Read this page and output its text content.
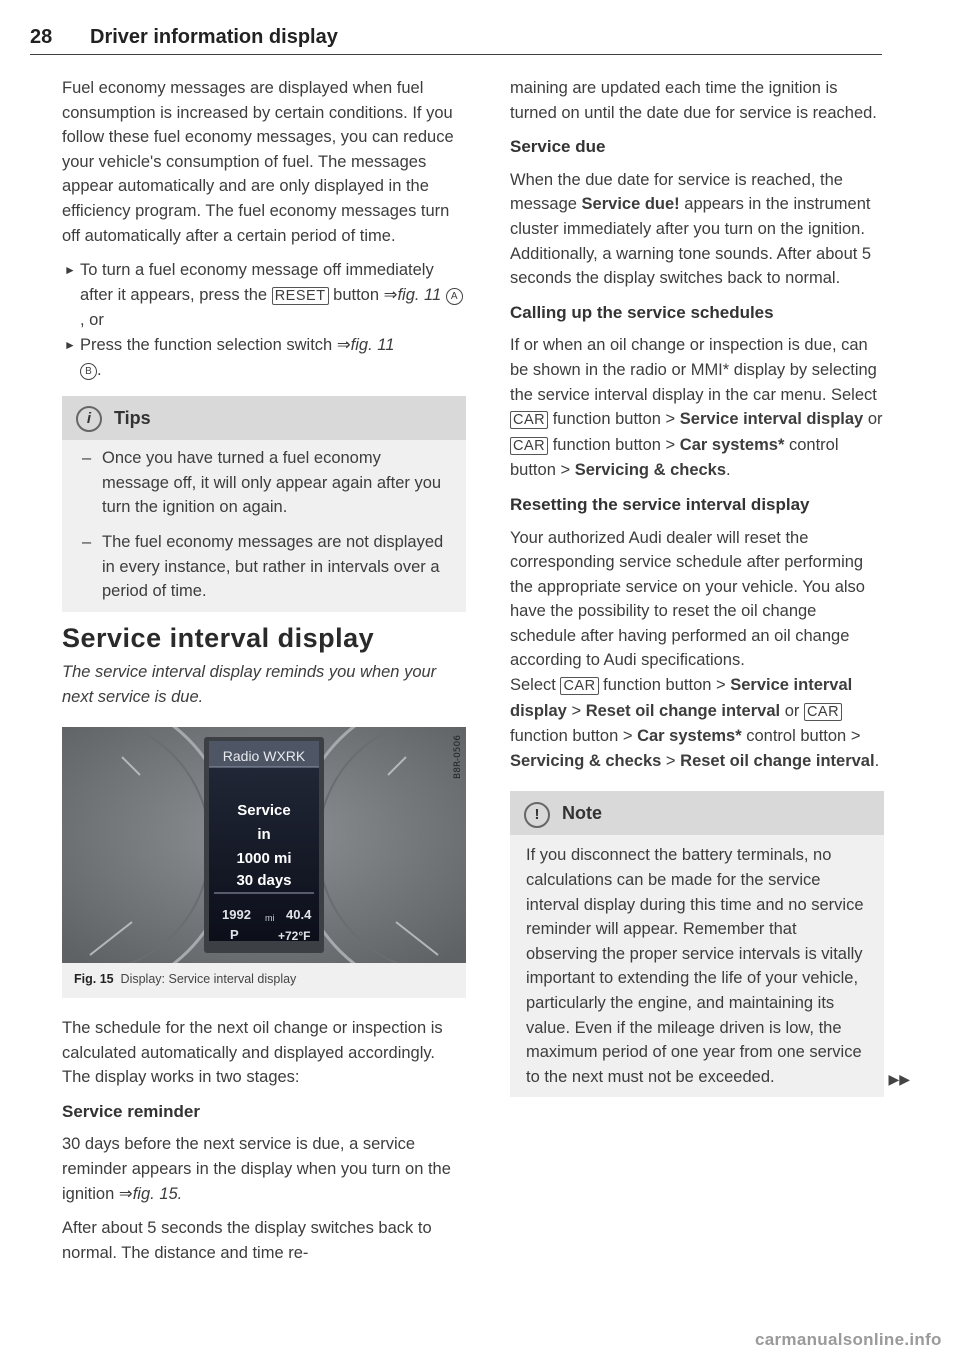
28 Driver information display

Fuel economy messages are displayed when fuel consumption is increased by certain conditions. If you follow these fuel economy messages, you can reduce your vehicle's consumption of fuel. The messages appear automatically and are only displayed in the efficiency program. The fuel economy messages turn off automatically after a certain period of time.

► To turn a fuel economy message off immediately after it appears, press the RESET button ⇒fig. 11 A, or
► Press the function selection switch ⇒fig. 11
B .
i Tips
– Once you have turned a fuel economy message off, it will only appear again after you turn the ignition on again.
– The fuel economy messages are not displayed in every instance, but rather in intervals over a period of time.
Service interval display

The service interval display reminds you when your next service is due.

B8R-0506
Radio WXRK
Service
in
1000 mi
30 days
1992 mi 40.4
P	+72°F
Fig. 15 Display: Service interval display

The schedule for the next oil change or inspection is calculated automatically and displayed accordingly. The display works in two stages:

Service reminder

30 days before the next service is due, a service reminder appears in the display when you turn on the ignition ⇒fig. 15.

After about 5 seconds the display switches back to normal. The distance and time re-

maining are updated each time the ignition is turned on until the date due for service is reached.

Service due

When the due date for service is reached, the message Service due! appears in the instrument cluster immediately after you turn on the ignition. Additionally, a warning tone sounds. After about 5 seconds the display switches back to normal.

Calling up the service schedules

If or when an oil change or inspection is due, can be shown in the radio or MMI* display by selecting the service interval display in the car menu. Select CAR function button > Service interval display or CAR function button > Car systems* control button > Servicing & checks.

Resetting the service interval display

Your authorized Audi dealer will reset the corresponding service schedule after performing the appropriate service on your vehicle. You also have the possibility to reset the oil change schedule after having performed an oil change according to Audi specifications.

Select CAR function button > Service interval display > Reset oil change interval or CAR function button > Car systems* control button > Servicing & checks > Reset oil change interval.

! Note
If you disconnect the battery terminals, no calculations can be made for the service interval display during this time and no service reminder will appear. Remember that observing the proper service intervals is vitally important to extending the life of your vehicle, particularly the engine, and maintaining its value. Even if the mileage driven is low, the maximum period of one year from one service to the next must not be exceeded.	▶▶
carmanualsonline.info
